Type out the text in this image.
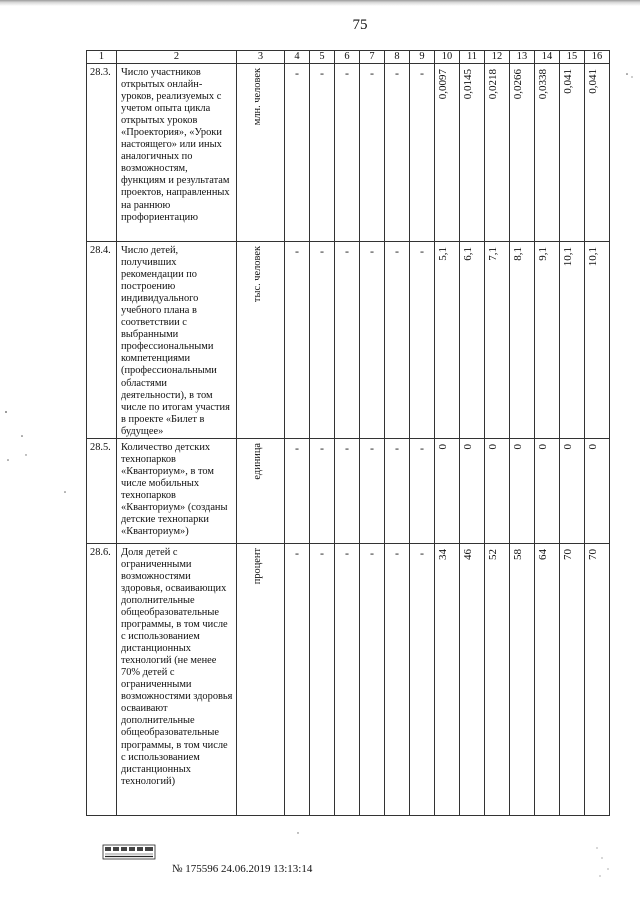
75
1	2	3	4	5	6	7	8	9	10	11	12	13	14	15	16
28.3.	Число участников открытых онлайн-уроков, реализуемых с учетом опыта цикла открытых уроков «Проектория», «Уроки настоящего» или иных аналогичных по возможностям, функциям и результатам проектов, направленных на раннюю профориентацию	млн. человек	-	-	-	-	-	-	0,0097	0,0145	0,0218	0,0266	0,0338	0,041	0,041

28.4.	Число детей, получивших рекомендации по построению индивидуального учебного плана в соответствии с выбранными профессиональными компетенциями (профессиональными областями деятельности), в том числе по итогам участия в проекте «Билет в будущее»	тыс. человек	-	-	-	-	-	-	5,1	6,1	7,1	8,1	9,1	10,1	10,1

28.5.	Количество детских технопарков «Кванториум», в том числе мобильных технопарков «Кванториум» (созданы детские технопарки «Кванториум»)	единица	-	-	-	-	-	-	0	0	0	0	0	0	0

28.6.	Доля детей с ограниченными возможностями здоровья, осваивающих дополнительные общеобразовательные программы, в том числе с использованием дистанционных технологий (не менее 70% детей с ограниченными возможностями здоровья осваивают дополнительные общеобразовательные программы, в том числе с использованием дистанционных технологий)	процент	-	-	-	-	-	-	34	46	52	58	64	70	70
№ 175596 24.06.2019 13:13:14
